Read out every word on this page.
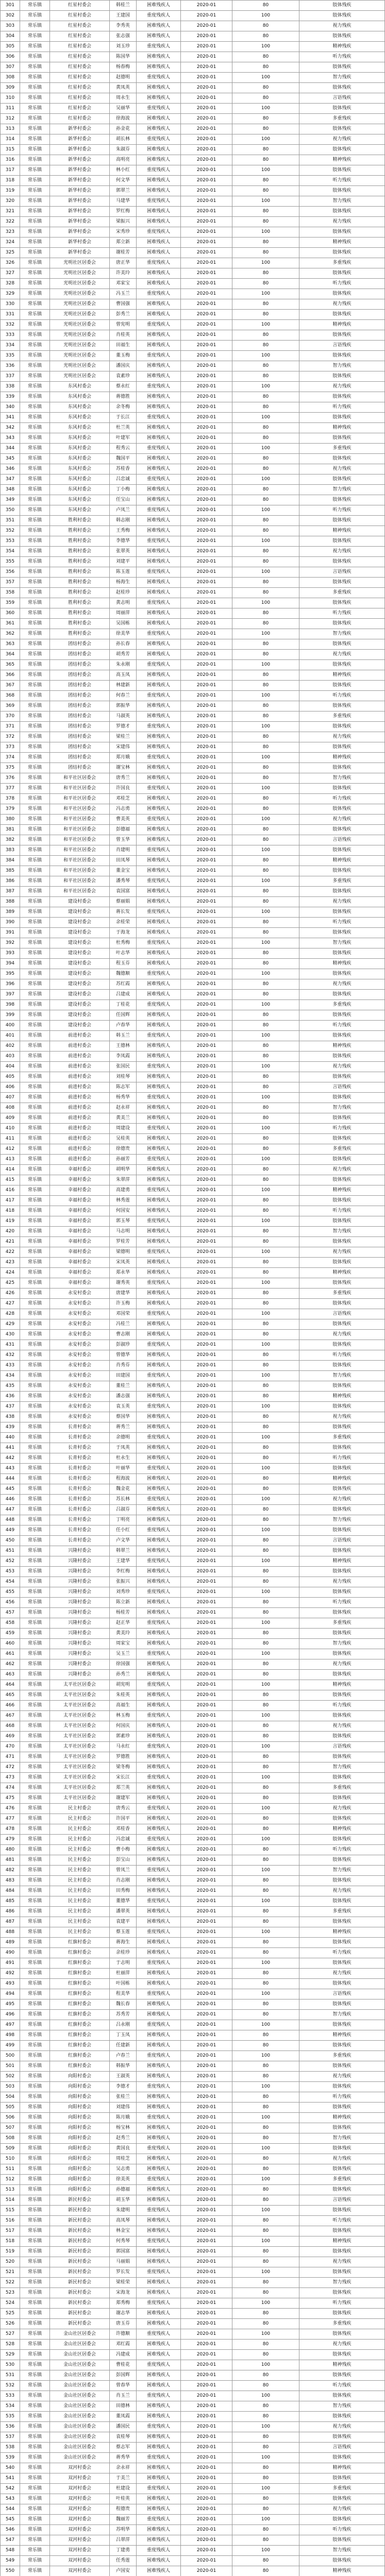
301	常乐镇	红星村委会	韩桂兰	困难残疾人	2020-01	80	肢体残疾
302	常乐镇	红星村委会	王建国	重度残疾人	2020-01	100	肢体残疾
303	常乐镇	红星村委会	李秀英	困难残疾人	2020-01	80	视力残疾
304	常乐镇	红星村委会	张志强	困难残疾人	2020-01	80	肢体残疾
305	常乐镇	红星村委会	刘玉珍	重度残疾人	2020-01	100	精神残疾
306	常乐镇	红星村委会	陈国华	困难残疾人	2020-01	80	听力残疾
307	常乐镇	红星村委会	杨春梅	困难残疾人	2020-01	80	肢体残疾
308	常乐镇	红星村委会	赵德明	重度残疾人	2020-01	100	智力残疾
309	常乐镇	红星村委会	黄凤英	困难残疾人	2020-01	80	肢体残疾
310	常乐镇	红星村委会	周永生	困难残疾人	2020-01	80	言语残疾
311	常乐镇	红星村委会	吴丽华	重度残疾人	2020-01	100	肢体残疾
312	常乐镇	红星村委会	徐海波	困难残疾人	2020-01	80	多重残疾
313	常乐镇	新华村委会	孙金花	困难残疾人	2020-01	80	肢体残疾
314	常乐镇	新华村委会	胡长林	重度残疾人	2020-01	100	视力残疾
315	常乐镇	新华村委会	朱淑芬	困难残疾人	2020-01	80	肢体残疾
316	常乐镇	新华村委会	高明亮	困难残疾人	2020-01	80	精神残疾
317	常乐镇	新华村委会	林小红	重度残疾人	2020-01	100	肢体残疾
318	常乐镇	新华村委会	何文华	困难残疾人	2020-01	80	听力残疾
319	常乐镇	新华村委会	郭翠兰	困难残疾人	2020-01	80	肢体残疾
320	常乐镇	新华村委会	马建华	重度残疾人	2020-01	100	智力残疾
321	常乐镇	新华村委会	罗红梅	困难残疾人	2020-01	80	肢体残疾
322	常乐镇	新华村委会	梁振兴	困难残疾人	2020-01	80	视力残疾
323	常乐镇	新华村委会	宋秀珍	重度残疾人	2020-01	100	肢体残疾
324	常乐镇	新华村委会	郑立新	困难残疾人	2020-01	80	精神残疾
325	常乐镇	新华村委会	谢桂芳	困难残疾人	2020-01	80	肢体残疾
326	常乐镇	光明社区居委会	唐正华	重度残疾人	2020-01	100	多重残疾
327	常乐镇	光明社区居委会	许美玲	困难残疾人	2020-01	80	肢体残疾
328	常乐镇	光明社区居委会	邓家宝	困难残疾人	2020-01	80	听力残疾
329	常乐镇	光明社区居委会	冯玉兰	重度残疾人	2020-01	100	肢体残疾
330	常乐镇	光明社区居委会	曹国强	困难残疾人	2020-01	80	视力残疾
331	常乐镇	光明社区居委会	彭秀兰	困难残疾人	2020-01	80	肢体残疾
332	常乐镇	光明社区居委会	曾宪明	重度残疾人	2020-01	100	精神残疾
333	常乐镇	光明社区居委会	肖桂英	困难残疾人	2020-01	80	肢体残疾
334	常乐镇	光明社区居委会	田福生	困难残疾人	2020-01	80	言语残疾
335	常乐镇	光明社区居委会	董玉梅	重度残疾人	2020-01	100	肢体残疾
336	常乐镇	光明社区居委会	潘国庆	困难残疾人	2020-01	80	智力残疾
337	常乐镇	光明社区居委会	袁素珍	困难残疾人	2020-01	80	肢体残疾
338	常乐镇	东风村委会	蔡永红	重度残疾人	2020-01	100	视力残疾
339	常乐镇	东风村委会	蒋德胜	困难残疾人	2020-01	80	肢体残疾
340	常乐镇	东风村委会	余冬梅	困难残疾人	2020-01	80	听力残疾
341	常乐镇	东风村委会	于长江	重度残疾人	2020-01	100	肢体残疾
342	常乐镇	东风村委会	杜兰英	困难残疾人	2020-01	80	精神残疾
343	常乐镇	东风村委会	叶建军	困难残疾人	2020-01	80	肢体残疾
344	常乐镇	东风村委会	程秀云	重度残疾人	2020-01	100	多重残疾
345	常乐镇	东风村委会	魏国平	困难残疾人	2020-01	80	肢体残疾
346	常乐镇	东风村委会	苏桂香	困难残疾人	2020-01	80	视力残疾
347	常乐镇	东风村委会	吕忠诚	重度残疾人	2020-01	100	肢体残疾
348	常乐镇	东风村委会	丁小梅	困难残疾人	2020-01	80	智力残疾
349	常乐镇	东风村委会	任宝山	困难残疾人	2020-01	80	肢体残疾
350	常乐镇	东风村委会	卢凤兰	重度残疾人	2020-01	100	听力残疾
351	常乐镇	胜利村委会	韩志刚	困难残疾人	2020-01	80	肢体残疾
352	常乐镇	胜利村委会	王秀梅	困难残疾人	2020-01	80	精神残疾
353	常乐镇	胜利村委会	李德华	重度残疾人	2020-01	100	肢体残疾
354	常乐镇	胜利村委会	张翠英	困难残疾人	2020-01	80	视力残疾
355	常乐镇	胜利村委会	刘建平	困难残疾人	2020-01	80	肢体残疾
356	常乐镇	胜利村委会	陈玉莲	重度残疾人	2020-01	100	言语残疾
357	常乐镇	胜利村委会	杨海生	困难残疾人	2020-01	80	肢体残疾
358	常乐镇	胜利村委会	赵桂珍	困难残疾人	2020-01	80	多重残疾
359	常乐镇	胜利村委会	黄志明	重度残疾人	2020-01	100	肢体残疾
360	常乐镇	胜利村委会	周丽萍	困难残疾人	2020-01	80	听力残疾
361	常乐镇	胜利村委会	吴国栋	困难残疾人	2020-01	80	肢体残疾
362	常乐镇	胜利村委会	徐美华	重度残疾人	2020-01	100	智力残疾
363	常乐镇	团结村委会	孙长春	困难残疾人	2020-01	80	肢体残疾
364	常乐镇	团结村委会	胡秀芳	困难残疾人	2020-01	80	视力残疾
365	常乐镇	团结村委会	朱永刚	重度残疾人	2020-01	100	肢体残疾
366	常乐镇	团结村委会	高玉凤	困难残疾人	2020-01	80	精神残疾
367	常乐镇	团结村委会	林建新	困难残疾人	2020-01	80	肢体残疾
368	常乐镇	团结村委会	何春兰	重度残疾人	2020-01	100	听力残疾
369	常乐镇	团结村委会	郭振华	困难残疾人	2020-01	80	肢体残疾
370	常乐镇	团结村委会	马淑英	困难残疾人	2020-01	80	多重残疾
371	常乐镇	团结村委会	罗德才	重度残疾人	2020-01	100	肢体残疾
372	常乐镇	团结村委会	梁桂兰	困难残疾人	2020-01	80	视力残疾
373	常乐镇	团结村委会	宋建伟	困难残疾人	2020-01	80	肢体残疾
374	常乐镇	团结村委会	郑月娥	重度残疾人	2020-01	100	精神残疾
375	常乐镇	团结村委会	谢宝林	困难残疾人	2020-01	80	肢体残疾
376	常乐镇	和平社区居委会	唐秀兰	困难残疾人	2020-01	80	智力残疾
377	常乐镇	和平社区居委会	许国良	重度残疾人	2020-01	100	肢体残疾
378	常乐镇	和平社区居委会	邓桂芝	困难残疾人	2020-01	80	听力残疾
379	常乐镇	和平社区居委会	冯志勇	困难残疾人	2020-01	80	肢体残疾
380	常乐镇	和平社区居委会	曹美英	重度残疾人	2020-01	100	视力残疾
381	常乐镇	和平社区居委会	彭德福	困难残疾人	2020-01	80	肢体残疾
382	常乐镇	和平社区居委会	曾玉华	困难残疾人	2020-01	80	言语残疾
383	常乐镇	和平社区居委会	肖建明	重度残疾人	2020-01	100	肢体残疾
384	常乐镇	和平社区居委会	田凤琴	困难残疾人	2020-01	80	精神残疾
385	常乐镇	和平社区居委会	董金宝	困难残疾人	2020-01	80	肢体残疾
386	常乐镇	和平社区居委会	潘秀琴	重度残疾人	2020-01	100	多重残疾
387	常乐镇	和平社区居委会	袁国富	困难残疾人	2020-01	80	肢体残疾
388	常乐镇	建设村委会	蔡丽娟	困难残疾人	2020-01	80	视力残疾
389	常乐镇	建设村委会	蒋长发	重度残疾人	2020-01	100	肢体残疾
390	常乐镇	建设村委会	余桂荣	困难残疾人	2020-01	80	听力残疾
391	常乐镇	建设村委会	于海龙	困难残疾人	2020-01	80	肢体残疾
392	常乐镇	建设村委会	杜秀梅	重度残疾人	2020-01	100	智力残疾
393	常乐镇	建设村委会	叶志华	困难残疾人	2020-01	80	肢体残疾
394	常乐镇	建设村委会	程玉芬	困难残疾人	2020-01	80	精神残疾
395	常乐镇	建设村委会	魏德顺	重度残疾人	2020-01	100	肢体残疾
396	常乐镇	建设村委会	苏红霞	困难残疾人	2020-01	80	视力残疾
397	常乐镇	建设村委会	吕建成	困难残疾人	2020-01	80	肢体残疾
398	常乐镇	建设村委会	丁桂花	重度残疾人	2020-01	100	多重残疾
399	常乐镇	建设村委会	任国辉	困难残疾人	2020-01	80	肢体残疾
400	常乐镇	建设村委会	卢春华	困难残疾人	2020-01	80	听力残疾
401	常乐镇	前进村委会	韩玉兰	重度残疾人	2020-01	100	肢体残疾
402	常乐镇	前进村委会	王德林	困难残疾人	2020-01	80	精神残疾
403	常乐镇	前进村委会	李凤霞	困难残疾人	2020-01	80	肢体残疾
404	常乐镇	前进村委会	张国民	重度残疾人	2020-01	100	视力残疾
405	常乐镇	前进村委会	刘桂琴	困难残疾人	2020-01	80	肢体残疾
406	常乐镇	前进村委会	陈志军	困难残疾人	2020-01	80	言语残疾
407	常乐镇	前进村委会	杨秀华	重度残疾人	2020-01	100	肢体残疾
408	常乐镇	前进村委会	赵永祥	困难残疾人	2020-01	80	智力残疾
409	常乐镇	前进村委会	黄美兰	困难残疾人	2020-01	80	肢体残疾
410	常乐镇	前进村委会	周建设	重度残疾人	2020-01	100	听力残疾
411	常乐镇	前进村委会	吴桂英	困难残疾人	2020-01	80	肢体残疾
412	常乐镇	前进村委会	徐德贵	困难残疾人	2020-01	80	多重残疾
413	常乐镇	前进村委会	孙丽芳	重度残疾人	2020-01	100	肢体残疾
414	常乐镇	幸福村委会	胡明华	困难残疾人	2020-01	80	视力残疾
415	常乐镇	幸福村委会	朱翠萍	困难残疾人	2020-01	80	肢体残疾
416	常乐镇	幸福村委会	高建勇	重度残疾人	2020-01	100	精神残疾
417	常乐镇	幸福村委会	林秀莲	困难残疾人	2020-01	80	肢体残疾
418	常乐镇	幸福村委会	何国安	困难残疾人	2020-01	80	听力残疾
419	常乐镇	幸福村委会	郭玉琴	重度残疾人	2020-01	100	肢体残疾
420	常乐镇	幸福村委会	马志明	困难残疾人	2020-01	80	智力残疾
421	常乐镇	幸福村委会	罗桂芳	困难残疾人	2020-01	80	肢体残疾
422	常乐镇	幸福村委会	梁德明	重度残疾人	2020-01	100	视力残疾
423	常乐镇	幸福村委会	宋凤英	困难残疾人	2020-01	80	肢体残疾
424	常乐镇	幸福村委会	郑永华	困难残疾人	2020-01	80	精神残疾
425	常乐镇	幸福村委会	谢秀英	重度残疾人	2020-01	100	肢体残疾
426	常乐镇	永安村委会	唐建华	困难残疾人	2020-01	80	多重残疾
427	常乐镇	永安村委会	许玉梅	困难残疾人	2020-01	80	肢体残疾
428	常乐镇	永安村委会	邓国荣	重度残疾人	2020-01	100	言语残疾
429	常乐镇	永安村委会	冯桂兰	困难残疾人	2020-01	80	肢体残疾
430	常乐镇	永安村委会	曹志刚	困难残疾人	2020-01	80	视力残疾
431	常乐镇	永安村委会	彭淑珍	重度残疾人	2020-01	100	肢体残疾
432	常乐镇	永安村委会	曾德华	困难残疾人	2020-01	80	听力残疾
433	常乐镇	永安村委会	肖秀芬	困难残疾人	2020-01	80	肢体残疾
434	常乐镇	永安村委会	田建国	重度残疾人	2020-01	100	智力残疾
435	常乐镇	永安村委会	董桂兰	困难残疾人	2020-01	80	肢体残疾
436	常乐镇	永安村委会	潘志强	困难残疾人	2020-01	80	精神残疾
437	常乐镇	永安村委会	袁玉英	重度残疾人	2020-01	100	肢体残疾
438	常乐镇	永安村委会	蔡国华	困难残疾人	2020-01	80	视力残疾
439	常乐镇	长青村委会	蒋秀兰	困难残疾人	2020-01	80	肢体残疾
440	常乐镇	长青村委会	余德明	重度残疾人	2020-01	100	多重残疾
441	常乐镇	长青村委会	于凤英	困难残疾人	2020-01	80	肢体残疾
442	常乐镇	长青村委会	杜永生	困难残疾人	2020-01	80	听力残疾
443	常乐镇	长青村委会	叶丽华	重度残疾人	2020-01	100	肢体残疾
444	常乐镇	长青村委会	程海波	困难残疾人	2020-01	80	精神残疾
445	常乐镇	长青村委会	魏金花	困难残疾人	2020-01	80	肢体残疾
446	常乐镇	长青村委会	苏长林	重度残疾人	2020-01	100	视力残疾
447	常乐镇	长青村委会	吕淑芬	困难残疾人	2020-01	80	肢体残疾
448	常乐镇	长青村委会	丁明亮	困难残疾人	2020-01	80	智力残疾
449	常乐镇	长青村委会	任小红	重度残疾人	2020-01	100	肢体残疾
450	常乐镇	长青村委会	卢文华	困难残疾人	2020-01	80	言语残疾
451	常乐镇	兴隆村委会	韩翠兰	困难残疾人	2020-01	80	肢体残疾
452	常乐镇	兴隆村委会	王建华	重度残疾人	2020-01	100	精神残疾
453	常乐镇	兴隆村委会	李红梅	困难残疾人	2020-01	80	肢体残疾
454	常乐镇	兴隆村委会	张振兴	困难残疾人	2020-01	80	视力残疾
455	常乐镇	兴隆村委会	刘秀珍	重度残疾人	2020-01	100	肢体残疾
456	常乐镇	兴隆村委会	陈立新	困难残疾人	2020-01	80	听力残疾
457	常乐镇	兴隆村委会	杨桂芳	困难残疾人	2020-01	80	肢体残疾
458	常乐镇	兴隆村委会	赵正华	重度残疾人	2020-01	100	多重残疾
459	常乐镇	兴隆村委会	黄美玲	困难残疾人	2020-01	80	肢体残疾
460	常乐镇	兴隆村委会	周家宝	困难残疾人	2020-01	80	智力残疾
461	常乐镇	兴隆村委会	吴玉兰	重度残疾人	2020-01	100	肢体残疾
462	常乐镇	兴隆村委会	徐国强	困难残疾人	2020-01	80	视力残疾
463	常乐镇	兴隆村委会	孙秀兰	困难残疾人	2020-01	80	肢体残疾
464	常乐镇	太平社区居委会	胡宪明	重度残疾人	2020-01	100	精神残疾
465	常乐镇	太平社区居委会	朱桂英	困难残疾人	2020-01	80	肢体残疾
466	常乐镇	太平社区居委会	高福生	困难残疾人	2020-01	80	听力残疾
467	常乐镇	太平社区居委会	林玉梅	重度残疾人	2020-01	100	肢体残疾
468	常乐镇	太平社区居委会	何国庆	困难残疾人	2020-01	80	视力残疾
469	常乐镇	太平社区居委会	郭素珍	困难残疾人	2020-01	80	肢体残疾
470	常乐镇	太平社区居委会	马永红	重度残疾人	2020-01	100	言语残疾
471	常乐镇	太平社区居委会	罗德胜	困难残疾人	2020-01	80	肢体残疾
472	常乐镇	太平社区居委会	梁冬梅	困难残疾人	2020-01	80	智力残疾
473	常乐镇	太平社区居委会	宋长江	重度残疾人	2020-01	100	肢体残疾
474	常乐镇	太平社区居委会	郑兰英	困难残疾人	2020-01	80	多重残疾
475	常乐镇	太平社区居委会	谢建军	困难残疾人	2020-01	80	肢体残疾
476	常乐镇	民主村委会	唐秀云	重度残疾人	2020-01	100	视力残疾
477	常乐镇	民主村委会	许国平	困难残疾人	2020-01	80	肢体残疾
478	常乐镇	民主村委会	邓桂香	困难残疾人	2020-01	80	精神残疾
479	常乐镇	民主村委会	冯忠诚	重度残疾人	2020-01	100	肢体残疾
480	常乐镇	民主村委会	曹小梅	困难残疾人	2020-01	80	听力残疾
481	常乐镇	民主村委会	彭宝山	困难残疾人	2020-01	80	肢体残疾
482	常乐镇	民主村委会	曾凤兰	重度残疾人	2020-01	100	智力残疾
483	常乐镇	民主村委会	肖志刚	困难残疾人	2020-01	80	肢体残疾
484	常乐镇	民主村委会	田秀梅	困难残疾人	2020-01	80	视力残疾
485	常乐镇	民主村委会	董德华	重度残疾人	2020-01	100	肢体残疾
486	常乐镇	民主村委会	潘翠英	困难残疾人	2020-01	80	多重残疾
487	常乐镇	民主村委会	袁建平	困难残疾人	2020-01	80	肢体残疾
488	常乐镇	民主村委会	蔡玉莲	重度残疾人	2020-01	100	精神残疾
489	常乐镇	红旗村委会	蒋海生	困难残疾人	2020-01	80	肢体残疾
490	常乐镇	红旗村委会	余桂珍	困难残疾人	2020-01	80	听力残疾
491	常乐镇	红旗村委会	于志明	重度残疾人	2020-01	100	肢体残疾
492	常乐镇	红旗村委会	杜丽萍	困难残疾人	2020-01	80	视力残疾
493	常乐镇	红旗村委会	叶国栋	困难残疾人	2020-01	80	肢体残疾
494	常乐镇	红旗村委会	程美华	重度残疾人	2020-01	100	言语残疾
495	常乐镇	红旗村委会	魏长春	困难残疾人	2020-01	80	肢体残疾
496	常乐镇	红旗村委会	苏秀芳	困难残疾人	2020-01	80	智力残疾
497	常乐镇	红旗村委会	吕永刚	重度残疾人	2020-01	100	肢体残疾
498	常乐镇	红旗村委会	丁玉凤	困难残疾人	2020-01	80	精神残疾
499	常乐镇	红旗村委会	任建新	困难残疾人	2020-01	80	肢体残疾
500	常乐镇	红旗村委会	卢春兰	重度残疾人	2020-01	100	多重残疾
501	常乐镇	红旗村委会	韩振华	困难残疾人	2020-01	80	肢体残疾
502	常乐镇	向阳村委会	王淑英	困难残疾人	2020-01	80	视力残疾
503	常乐镇	向阳村委会	李德才	重度残疾人	2020-01	100	肢体残疾
504	常乐镇	向阳村委会	张桂兰	困难残疾人	2020-01	80	听力残疾
505	常乐镇	向阳村委会	刘建伟	困难残疾人	2020-01	80	肢体残疾
506	常乐镇	向阳村委会	陈月娥	重度残疾人	2020-01	100	精神残疾
507	常乐镇	向阳村委会	杨宝林	困难残疾人	2020-01	80	肢体残疾
508	常乐镇	向阳村委会	赵秀兰	困难残疾人	2020-01	80	智力残疾
509	常乐镇	向阳村委会	黄国良	重度残疾人	2020-01	100	肢体残疾
510	常乐镇	向阳村委会	周桂芝	困难残疾人	2020-01	80	视力残疾
511	常乐镇	向阳村委会	吴志勇	困难残疾人	2020-01	80	肢体残疾
512	常乐镇	向阳村委会	徐美英	重度残疾人	2020-01	100	多重残疾
513	常乐镇	向阳村委会	孙德福	困难残疾人	2020-01	80	肢体残疾
514	常乐镇	新民村委会	胡玉华	困难残疾人	2020-01	80	言语残疾
515	常乐镇	新民村委会	朱建明	重度残疾人	2020-01	100	肢体残疾
516	常乐镇	新民村委会	高凤琴	困难残疾人	2020-01	80	听力残疾
517	常乐镇	新民村委会	林金宝	困难残疾人	2020-01	80	肢体残疾
518	常乐镇	新民村委会	何秀琴	重度残疾人	2020-01	100	精神残疾
519	常乐镇	新民村委会	郭国富	困难残疾人	2020-01	80	肢体残疾
520	常乐镇	新民村委会	马丽娟	困难残疾人	2020-01	80	视力残疾
521	常乐镇	新民村委会	罗长发	重度残疾人	2020-01	100	肢体残疾
522	常乐镇	新民村委会	梁桂荣	困难残疾人	2020-01	80	智力残疾
523	常乐镇	新民村委会	宋海龙	困难残疾人	2020-01	80	肢体残疾
524	常乐镇	新民村委会	郑秀梅	重度残疾人	2020-01	100	听力残疾
525	常乐镇	新民村委会	谢志华	困难残疾人	2020-01	80	肢体残疾
526	常乐镇	新民村委会	唐玉芬	困难残疾人	2020-01	80	多重残疾
527	常乐镇	金山社区居委会	许德顺	重度残疾人	2020-01	100	肢体残疾
528	常乐镇	金山社区居委会	邓红霞	困难残疾人	2020-01	80	视力残疾
529	常乐镇	金山社区居委会	冯建成	困难残疾人	2020-01	80	肢体残疾
530	常乐镇	金山社区居委会	曹桂花	重度残疾人	2020-01	100	精神残疾
531	常乐镇	金山社区居委会	彭国辉	困难残疾人	2020-01	80	肢体残疾
532	常乐镇	金山社区居委会	曾春华	困难残疾人	2020-01	80	听力残疾
533	常乐镇	金山社区居委会	肖玉兰	重度残疾人	2020-01	100	肢体残疾
534	常乐镇	金山社区居委会	田德林	困难残疾人	2020-01	80	智力残疾
535	常乐镇	金山社区居委会	董凤霞	困难残疾人	2020-01	80	肢体残疾
536	常乐镇	金山社区居委会	潘国民	重度残疾人	2020-01	100	视力残疾
537	常乐镇	金山社区居委会	袁桂琴	困难残疾人	2020-01	80	肢体残疾
538	常乐镇	金山社区居委会	蔡志军	困难残疾人	2020-01	80	言语残疾
539	常乐镇	金山社区居委会	蒋秀华	重度残疾人	2020-01	100	肢体残疾
540	常乐镇	双河村委会	余永祥	困难残疾人	2020-01	80	精神残疾
541	常乐镇	双河村委会	于美兰	困难残疾人	2020-01	80	肢体残疾
542	常乐镇	双河村委会	杜建设	重度残疾人	2020-01	100	多重残疾
543	常乐镇	双河村委会	叶桂英	困难残疾人	2020-01	80	肢体残疾
544	常乐镇	双河村委会	程德贵	困难残疾人	2020-01	80	视力残疾
545	常乐镇	双河村委会	魏丽芳	重度残疾人	2020-01	100	肢体残疾
546	常乐镇	双河村委会	苏明华	困难残疾人	2020-01	80	听力残疾
547	常乐镇	双河村委会	吕翠萍	困难残疾人	2020-01	80	肢体残疾
548	常乐镇	双河村委会	丁建勇	重度残疾人	2020-01	100	智力残疾
549	常乐镇	双河村委会	任秀莲	困难残疾人	2020-01	80	肢体残疾
550	常乐镇	双河村委会	卢国安	困难残疾人	2020-01	80	精神残疾
